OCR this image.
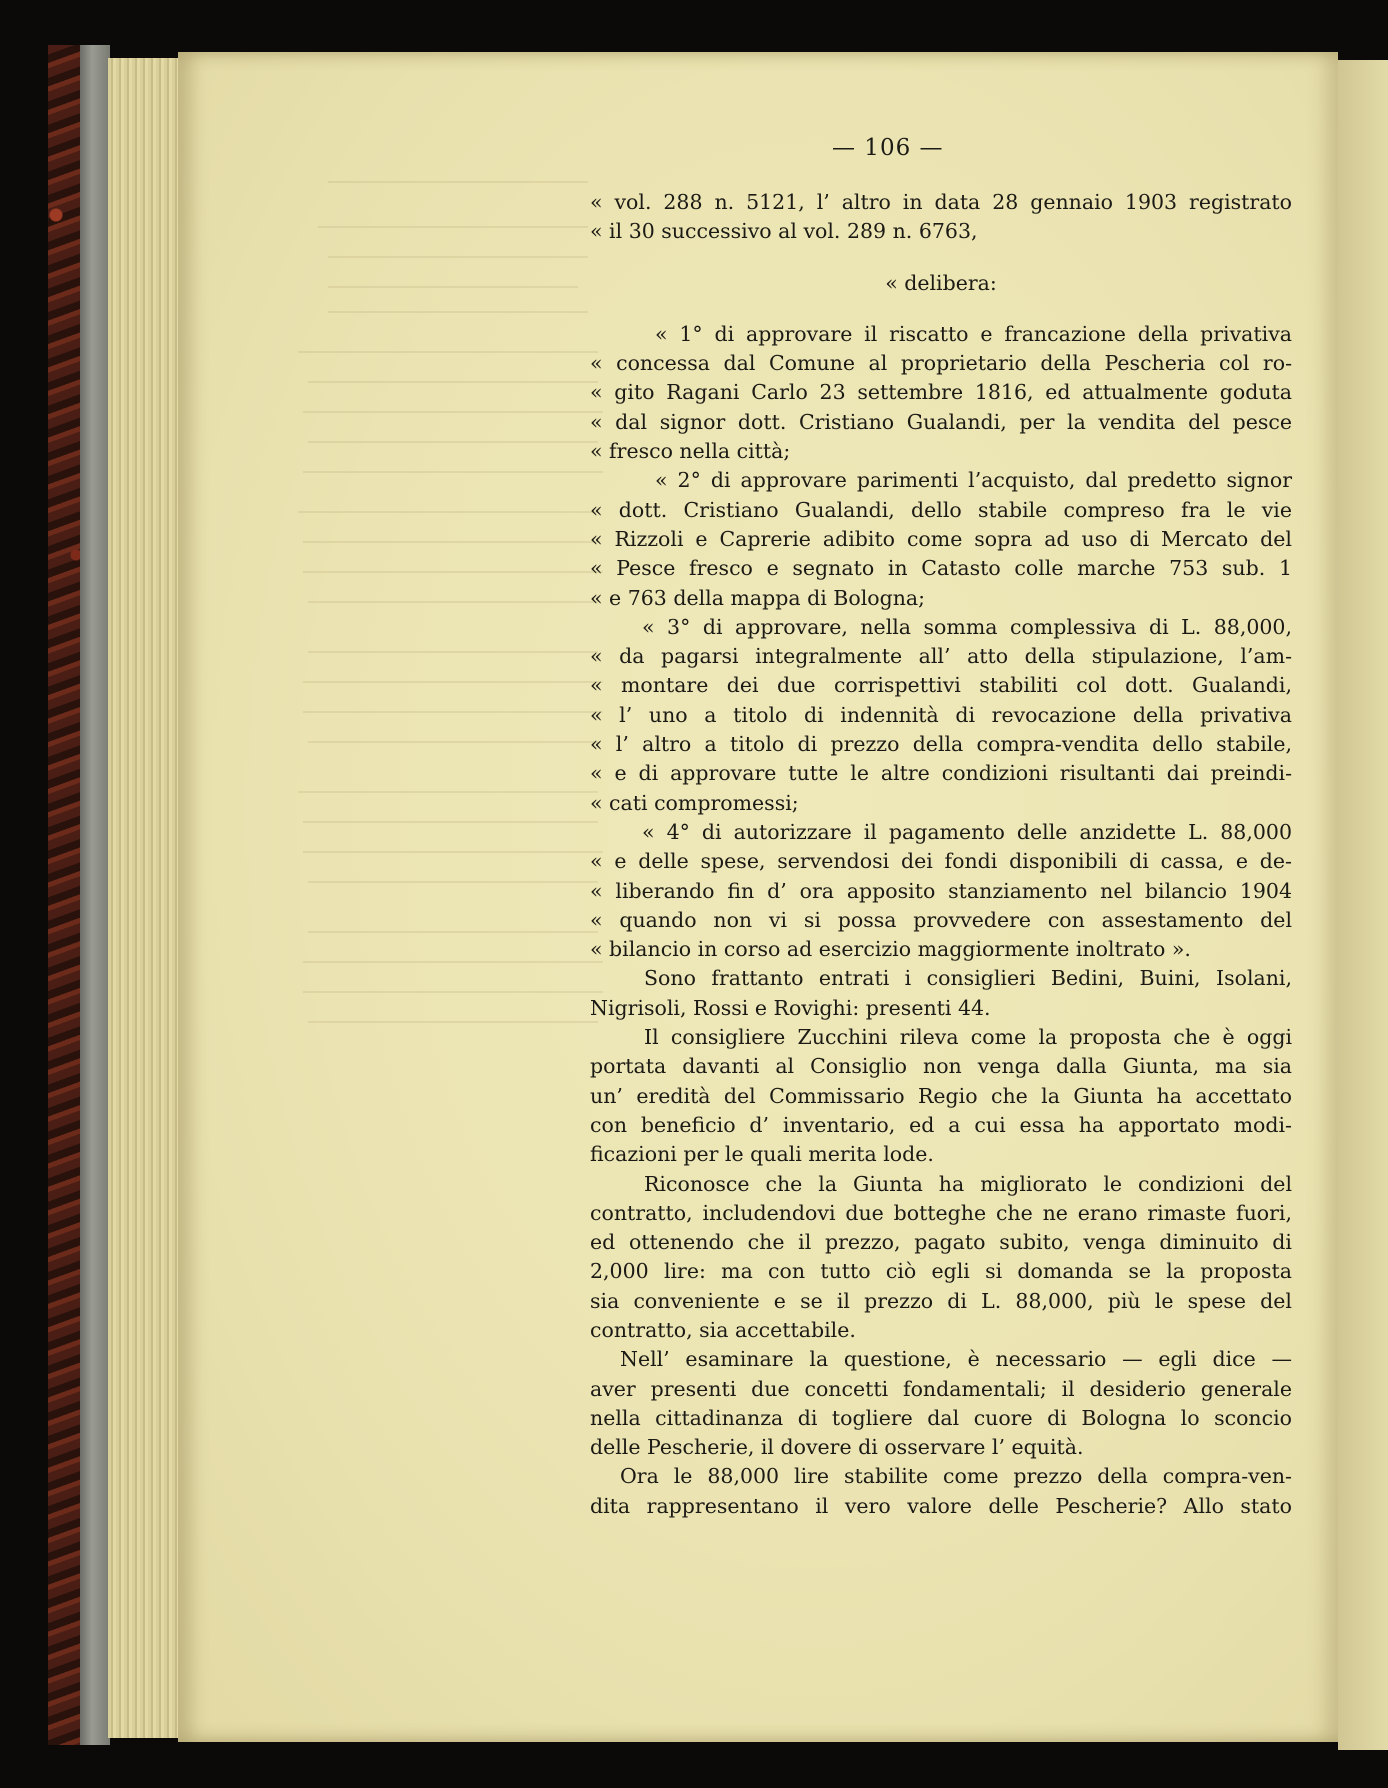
— 106 —
« vol. 288 n. 5121, l’ altro in data 28 gennaio 1903 registrato
« il 30 successivo al vol. 289 n. 6763,
« delibera:
« 1° di approvare il riscatto e francazione della privativa
« concessa dal Comune al proprietario della Pescheria col ro-
« gito Ragani Carlo 23 settembre 1816, ed attualmente goduta
« dal signor dott. Cristiano Gualandi, per la vendita del pesce
« fresco nella città;
« 2° di approvare parimenti l’acquisto, dal predetto signor
« dott. Cristiano Gualandi, dello stabile compreso fra le vie
« Rizzoli e Caprerie adibito come sopra ad uso di Mercato del
« Pesce fresco e segnato in Catasto colle marche 753 sub. 1
« e 763 della mappa di Bologna;
« 3° di approvare, nella somma complessiva di L. 88,000,
« da pagarsi integralmente all’ atto della stipulazione, l’am-
« montare dei due corrispettivi stabiliti col dott. Gualandi,
« l’ uno a titolo di indennità di revocazione della privativa
« l’ altro a titolo di prezzo della compra-vendita dello stabile,
« e di approvare tutte le altre condizioni risultanti dai preindi-
« cati compromessi;
« 4° di autorizzare il pagamento delle anzidette L. 88,000
« e delle spese, servendosi dei fondi disponibili di cassa, e de-
« liberando fin d’ ora apposito stanziamento nel bilancio 1904
« quando non vi si possa provvedere con assestamento del
« bilancio in corso ad esercizio maggiormente inoltrato ».
Sono frattanto entrati i consiglieri Bedini, Buini, Isolani,
Nigrisoli, Rossi e Rovighi: presenti 44.
Il consigliere Zucchini rileva come la proposta che è oggi
portata davanti al Consiglio non venga dalla Giunta, ma sia
un’ eredità del Commissario Regio che la Giunta ha accettato
con beneficio d’ inventario, ed a cui essa ha apportato modi-
ficazioni per le quali merita lode.
Riconosce che la Giunta ha migliorato le condizioni del
contratto, includendovi due botteghe che ne erano rimaste fuori,
ed ottenendo che il prezzo, pagato subito, venga diminuito di
2,000 lire: ma con tutto ciò egli si domanda se la proposta
sia conveniente e se il prezzo di L. 88,000, più le spese del
contratto, sia accettabile.
Nell’ esaminare la questione, è necessario — egli dice —
aver presenti due concetti fondamentali; il desiderio generale
nella cittadinanza di togliere dal cuore di Bologna lo sconcio
delle Pescherie, il dovere di osservare l’ equità.
Ora le 88,000 lire stabilite come prezzo della compra-ven-
dita rappresentano il vero valore delle Pescherie? Allo stato
